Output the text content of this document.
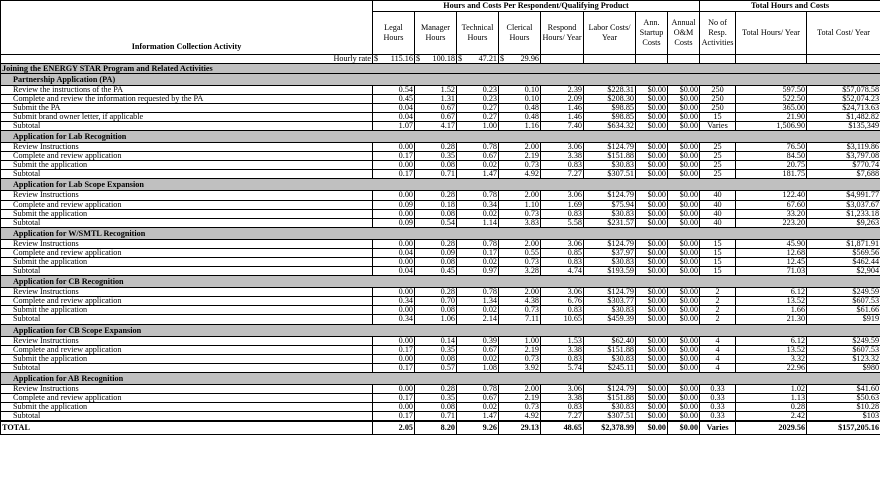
	Hours and Costs Per Respondent/Qualifying Product								Total Hours and Costs		
Information Collection Activity	Legal Hours	Manager Hours	Technical Hours	Clerical Hours	Respond Hours/ Year	Labor Costs/ Year	Ann. Startup Costs	Annual O&M Costs	No of Resp. Activities	Total Hours/ Year	Total Cost/ Year
Hourly rate	$ 115.16	$ 100.18	$ 47.21	$ 29.96							

Joining the ENERGY STAR Program and Related Activities											
Partnership Application (PA)											
Review the instructions of the PA	0.54	1.52	0.23	0.10	2.39	$228.31	$0.00	$0.00	250	597.50	$57,078.58
Complete and review the information requested by the PA	0.45	1.31	0.23	0.10	2.09	$208.30	$0.00	$0.00	250	522.50	$52,074.23
Submit the PA	0.04	0.67	0.27	0.48	1.46	$98.85	$0.00	$0.00	250	365.00	$24,713.63
Submit brand owner letter, if applicable	0.04	0.67	0.27	0.48	1.46	$98.85	$0.00	$0.00	15	21.90	$1,482.82
Subtotal	1.07	4.17	1.00	1.16	7.40	$634.32	$0.00	$0.00	Varies	1,506.90	$135,349
Application for Lab Recognition											
Review Instructions	0.00	0.28	0.78	2.00	3.06	$124.79	$0.00	$0.00	25	76.50	$3,119.86
Complete and review application	0.17	0.35	0.67	2.19	3.38	$151.88	$0.00	$0.00	25	84.50	$3,797.08
Submit the application	0.00	0.08	0.02	0.73	0.83	$30.83	$0.00	$0.00	25	20.75	$770.74
Subtotal	0.17	0.71	1.47	4.92	7.27	$307.51	$0.00	$0.00	25	181.75	$7,688
Application for Lab Scope Expansion											
Review Instructions	0.00	0.28	0.78	2.00	3.06	$124.79	$0.00	$0.00	40	122.40	$4,991.77
Complete and review application	0.09	0.18	0.34	1.10	1.69	$75.94	$0.00	$0.00	40	67.60	$3,037.67
Submit the application	0.00	0.08	0.02	0.73	0.83	$30.83	$0.00	$0.00	40	33.20	$1,233.18
Subtotal	0.09	0.54	1.14	3.83	5.58	$231.57	$0.00	$0.00	40	223.20	$9,263
Application for W/SMTL Recognition											
Review Instructions	0.00	0.28	0.78	2.00	3.06	$124.79	$0.00	$0.00	15	45.90	$1,871.91
Complete and review application	0.04	0.09	0.17	0.55	0.85	$37.97	$0.00	$0.00	15	12.68	$569.56
Submit the application	0.00	0.08	0.02	0.73	0.83	$30.83	$0.00	$0.00	15	12.45	$462.44
Subtotal	0.04	0.45	0.97	3.28	4.74	$193.59	$0.00	$0.00	15	71.03	$2,904
Application for CB Recognition											
Review Instructions	0.00	0.28	0.78	2.00	3.06	$124.79	$0.00	$0.00	2	6.12	$249.59
Complete and review application	0.34	0.70	1.34	4.38	6.76	$303.77	$0.00	$0.00	2	13.52	$607.53
Submit the application	0.00	0.08	0.02	0.73	0.83	$30.83	$0.00	$0.00	2	1.66	$61.66
Subtotal	0.34	1.06	2.14	7.11	10.65	$459.39	$0.00	$0.00	2	21.30	$919
Application for CB Scope Expansion											
Review Instructions	0.00	0.14	0.39	1.00	1.53	$62.40	$0.00	$0.00	4	6.12	$249.59
Complete and review application	0.17	0.35	0.67	2.19	3.38	$151.88	$0.00	$0.00	4	13.52	$607.53
Submit the application	0.00	0.08	0.02	0.73	0.83	$30.83	$0.00	$0.00	4	3.32	$123.32
Subtotal	0.17	0.57	1.08	3.92	5.74	$245.11	$0.00	$0.00	4	22.96	$980
Application for AB Recognition											
Review Instructions	0.00	0.28	0.78	2.00	3.06	$124.79	$0.00	$0.00	0.33	1.02	$41.60
Complete and review application	0.17	0.35	0.67	2.19	3.38	$151.88	$0.00	$0.00	0.33	1.13	$50.63
Submit the application	0.00	0.08	0.02	0.73	0.83	$30.83	$0.00	$0.00	0.33	0.28	$10.28
Subtotal	0.17	0.71	1.47	4.92	7.27	$307.51	$0.00	$0.00	0.33	2.42	$103
TOTAL	2.05	8.20	9.26	29.13	48.65	$2,378.99	$0.00	$0.00	Varies	2029.56	$157,205.16
